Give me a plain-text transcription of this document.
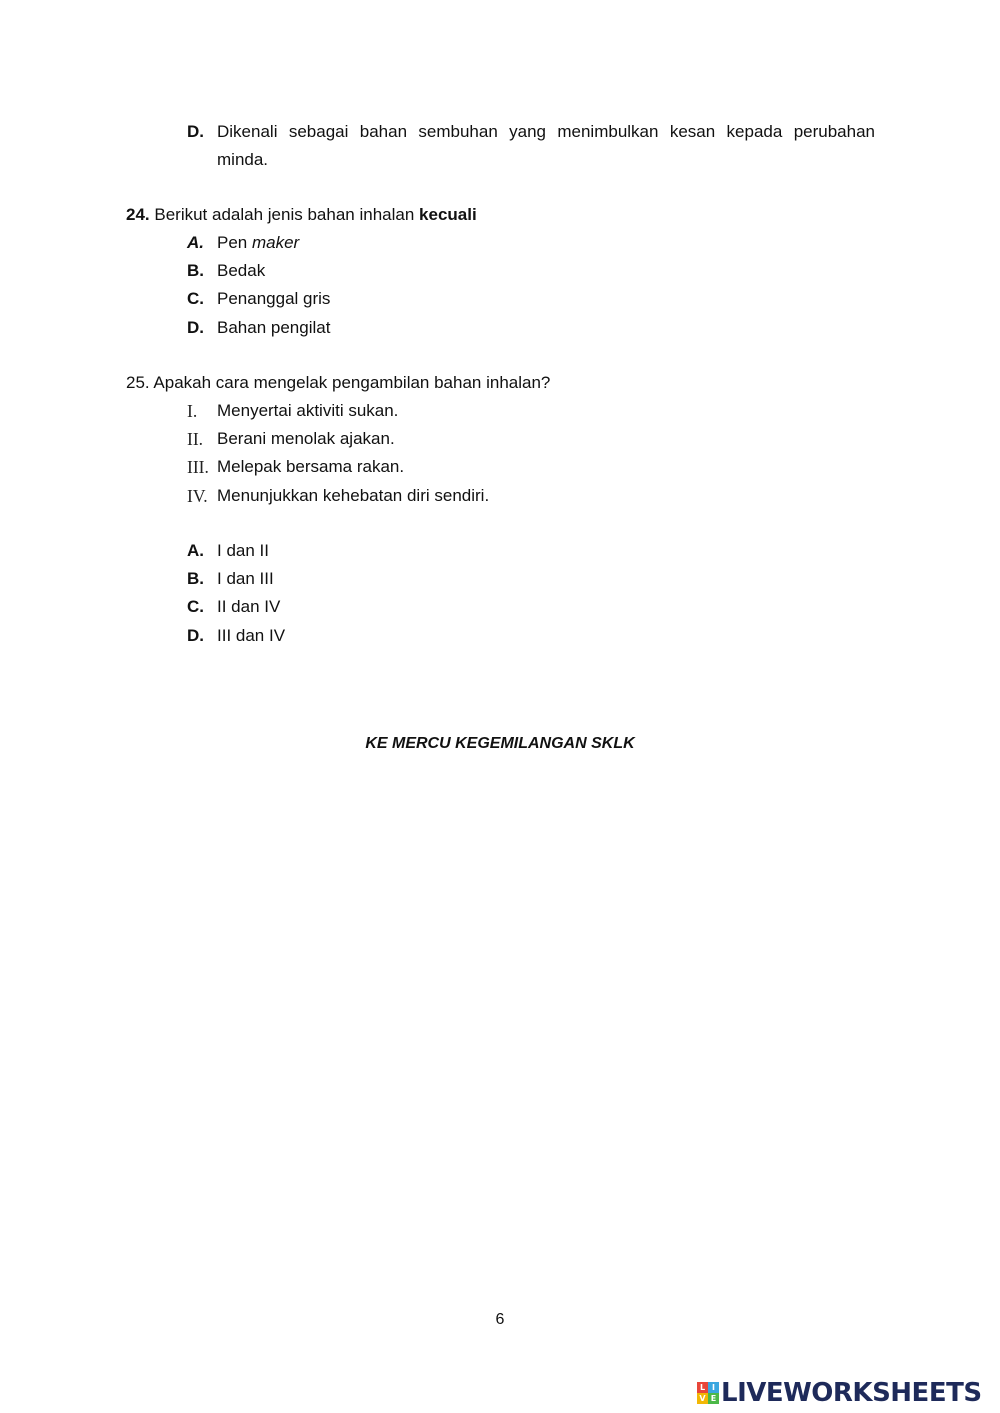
D. Dikenali sebagai bahan sembuhan yang menimbulkan kesan kepada perubahan
minda.
24. Berikut adalah jenis bahan inhalan kecuali
A. Pen maker
B. Bedak
C. Penanggal gris
D. Bahan pengilat
25. Apakah cara mengelak pengambilan bahan inhalan?
I. Menyertai aktiviti sukan.
II. Berani menolak ajakan.
III. Melepak bersama rakan.
IV. Menunjukkan kehebatan diri sendiri.
A. I dan II
B. I dan III
C. II dan IV
D. III dan IV
KE MERCU KEGEMILANGAN SKLK
6
L I
V E LIVEWORKSHEETS
